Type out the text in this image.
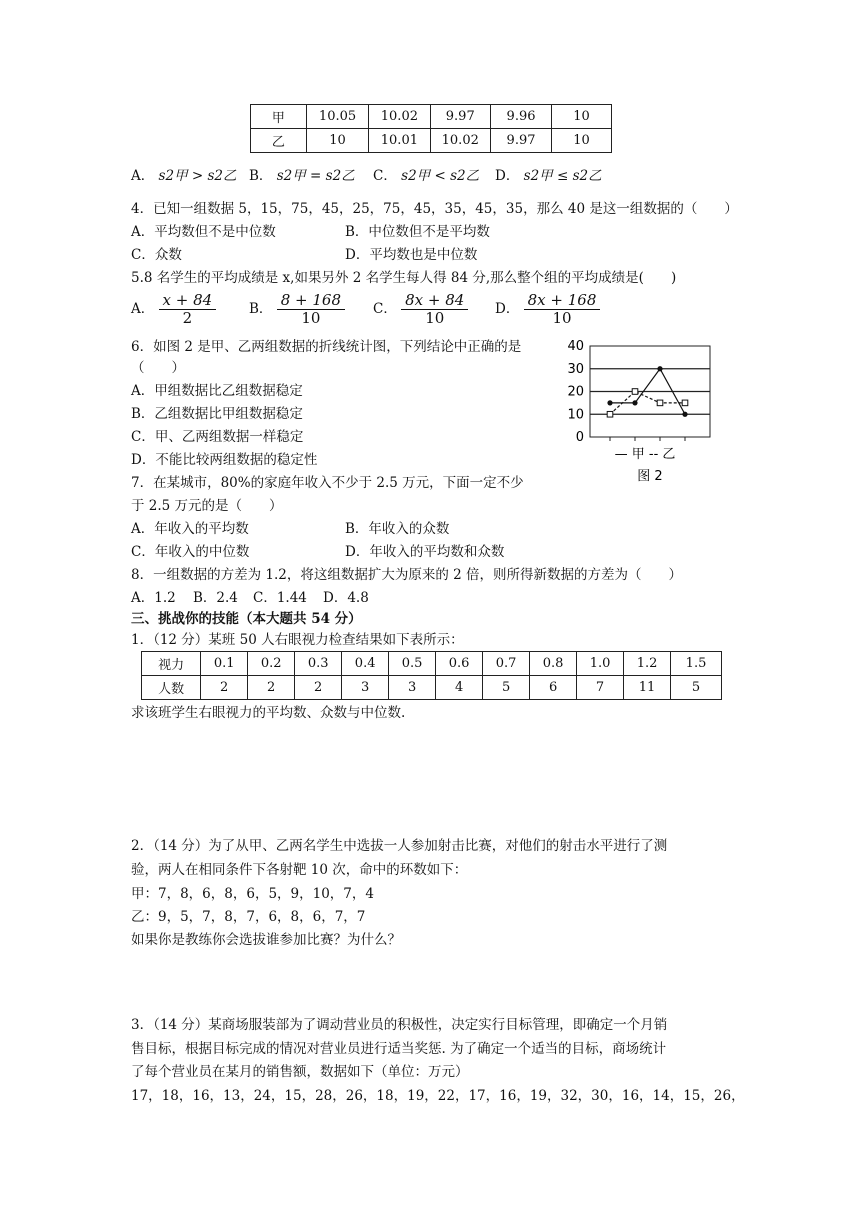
甲	10.05	10.02	9.97	9.96	10
乙	10	10.01	10.02	9.97	10
A． s2甲 > s2乙 B． s2甲 = s2乙 C． s2甲 < s2乙 D． s2甲 ≤ s2乙
4．已知一组数据 5，15，75，45，25，75，45，35，45，35，那么 40 是这一组数据的（　　）
A．平均数但不是中位数	B．中位数但不是平均数
C．众数	D．平均数也是中位数
5.8 名学生的平均成绩是 x,如果另外 2 名学生每人得 84 分,那么整个组的平均成绩是(　　)
A． $\frac{x + 84}{2}$ B． $\frac{8 + 168}{10}$ C． $\frac{8x + 84}{10}$ D． $\frac{8x + 168}{10}$
6．如图 2 是甲、乙两组数据的折线统计图，下列结论中正确的是
（　　）
A．甲组数据比乙组数据稳定
B．乙组数据比甲组数据稳定
C．甲、乙两组数据一样稳定
D．不能比较两组数据的稳定性
0
10
20
30
40
— 甲 -- 乙
图 2
7．在某城市，80%的家庭年收入不少于 2.5 万元，下面一定不少
于 2.5 万元的是（　　）
A．年收入的平均数	B．年收入的众数
C．年收入的中位数	D．年收入的平均数和众数
8．一组数据的方差为 1.2，将这组数据扩大为原来的 2 倍，则所得新数据的方差为（　　）
A．1.2 B．2.4 C．1.44 D．4.8
三、挑战你的技能（本大题共 54 分）
1．（12 分）某班 50 人右眼视力检查结果如下表所示：
视力	0.1	0.2	0.3	0.4	0.5	0.6	0.7	0.8	1.0	1.2	1.5
人数	2	2	2	3	3	4	5	6	7	11	5
求该班学生右眼视力的平均数、众数与中位数.
2．（14 分）为了从甲、乙两名学生中选拔一人参加射击比赛，对他们的射击水平进行了测
验，两人在相同条件下各射靶 10 次，命中的环数如下：
甲：7，8，6，8，6，5，9，10，7，4
乙：9，5，7，8，7，6，8，6，7，7
如果你是教练你会选拔谁参加比赛？为什么？
3．（14 分）某商场服装部为了调动营业员的积极性，决定实行目标管理，即确定一个月销
售目标，根据目标完成的情况对营业员进行适当奖惩. 为了确定一个适当的目标，商场统计
了每个营业员在某月的销售额，数据如下（单位：万元）
17，18，16，13，24，15，28，26，18，19，22，17，16，19，32，30，16，14，15，26，
